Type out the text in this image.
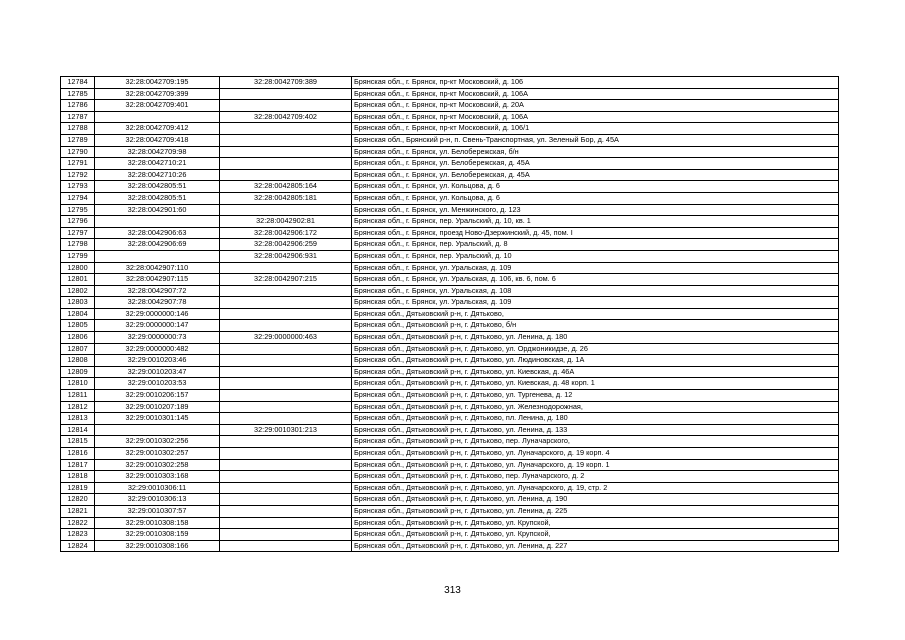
12784	32:28:0042709:195	32:28:0042709:389	Брянская обл., г. Брянск, пр-кт Московский, д. 106
12785	32:28:0042709:399		Брянская обл., г. Брянск, пр-кт Московский, д. 106А
12786	32:28:0042709:401		Брянская обл., г. Брянск, пр-кт Московский, д. 20А
12787		32:28:0042709:402	Брянская обл., г. Брянск, пр-кт Московский, д. 106А
12788	32:28:0042709:412		Брянская обл., г. Брянск, пр-кт Московский, д. 106/1
12789	32:28:0042709:418		Брянская обл., Брянский р-н, п. Свень-Транспортная, ул. Зеленый Бор, д. 45А
12790	32:28:0042709:98		Брянская обл., г. Брянск, ул. Белобережская, б/н
12791	32:28:0042710:21		Брянская обл., г. Брянск, ул. Белобережская, д. 45А
12792	32:28:0042710:26		Брянская обл., г. Брянск, ул. Белобережская, д. 45А
12793	32:28:0042805:51	32:28:0042805:164	Брянская обл., г. Брянск, ул. Кольцова, д. 6
12794	32:28:0042805:51	32:28:0042805:181	Брянская обл., г. Брянск, ул. Кольцова, д. 6
12795	32:28:0042901:60		Брянская обл., г. Брянск, ул. Менжинского, д. 123
12796		32:28:0042902:81	Брянская обл., г. Брянск, пер. Уральский, д. 10, кв. 1
12797	32:28:0042906:63	32:28:0042906:172	Брянская обл., г. Брянск, проезд Ново-Дзержинский, д. 45, пом. I
12798	32:28:0042906:69	32:28:0042906:259	Брянская обл., г. Брянск, пер. Уральский, д. 8
12799		32:28:0042906:931	Брянская обл., г. Брянск, пер. Уральский, д. 10
12800	32:28:0042907:110		Брянская обл., г. Брянск, ул. Уральская, д. 109
12801	32:28:0042907:115	32:28:0042907:215	Брянская обл., г. Брянск, ул. Уральская, д. 106, кв. 6, пом. 6
12802	32:28:0042907:72		Брянская обл., г. Брянск, ул. Уральская, д. 108
12803	32:28:0042907:78		Брянская обл., г. Брянск, ул. Уральская, д. 109
12804	32:29:0000000:146		Брянская обл., Дятьковский р-н, г. Дятьково,
12805	32:29:0000000:147		Брянская обл., Дятьковский р-н, г. Дятьково, б/н
12806	32:29:0000000:73	32:29:0000000:463	Брянская обл., Дятьковский р-н, г. Дятьково, ул. Ленина, д. 180
12807	32:29:0000000:482		Брянская обл., Дятьковский р-н, г. Дятьково, ул. Орджоникидзе, д. 26
12808	32:29:0010203:46		Брянская обл., Дятьковский р-н, г. Дятьково, ул. Людиновская, д. 1А
12809	32:29:0010203:47		Брянская обл., Дятьковский р-н, г. Дятьково, ул. Киевская, д. 46А
12810	32:29:0010203:53		Брянская обл., Дятьковский р-н, г. Дятьково, ул. Киевская, д. 48 корп. 1
12811	32:29:0010206:157		Брянская обл., Дятьковский р-н, г. Дятьково, ул. Тургенева, д. 12
12812	32:29:0010207:189		Брянская обл., Дятьковский р-н, г. Дятьково, ул. Железнодорожная,
12813	32:29:0010301:145		Брянская обл., Дятьковский р-н, г. Дятьково, пл. Ленина, д. 180
12814		32:29:0010301:213	Брянская обл., Дятьковский р-н, г. Дятьково, ул. Ленина, д. 133
12815	32:29:0010302:256		Брянская обл., Дятьковский р-н, г. Дятьково, пер. Луначарского,
12816	32:29:0010302:257		Брянская обл., Дятьковский р-н, г. Дятьково, ул. Луначарского, д. 19 корп. 4
12817	32:29:0010302:258		Брянская обл., Дятьковский р-н, г. Дятьково, ул. Луначарского, д. 19 корп. 1
12818	32:29:0010303:168		Брянская обл., Дятьковский р-н, г. Дятьково, пер. Луначарского, д. 2
12819	32:29:0010306:11		Брянская обл., Дятьковский р-н, г. Дятьково, ул. Луначарского, д. 19, стр. 2
12820	32:29:0010306:13		Брянская обл., Дятьковский р-н, г. Дятьково, ул. Ленина, д. 190
12821	32:29:0010307:57		Брянская обл., Дятьковский р-н, г. Дятьково, ул. Ленина, д. 225
12822	32:29:0010308:158		Брянская обл., Дятьковский р-н, г. Дятьково, ул. Крупской,
12823	32:29:0010308:159		Брянская обл., Дятьковский р-н, г. Дятьково, ул. Крупской,
12824	32:29:0010308:166		Брянская обл., Дятьковский р-н, г. Дятьково, ул. Ленина, д. 227
313
